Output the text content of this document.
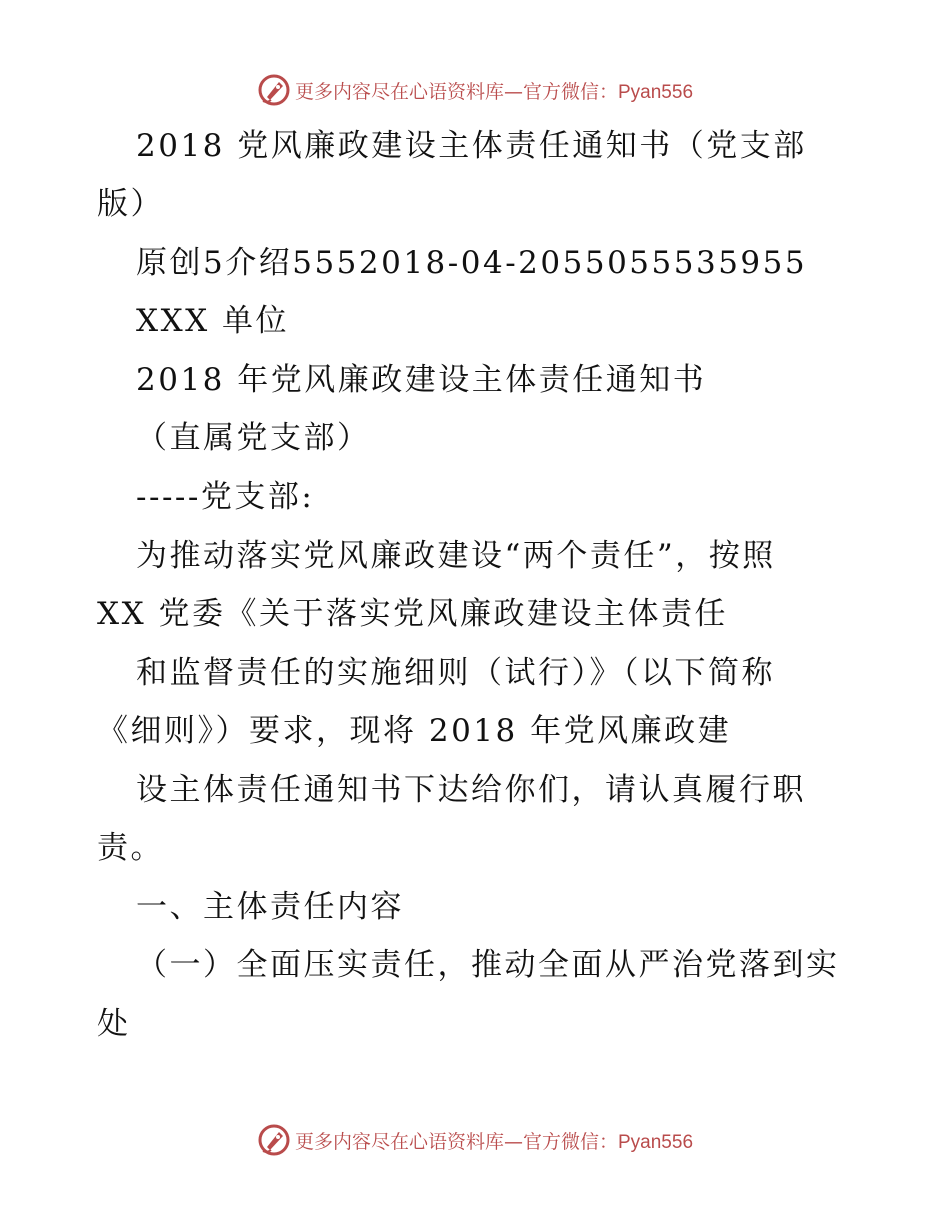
更多内容尽在心语资料库—官方微信：Pyan556
2018 党风廉政建设主体责任通知书（党支部
版）
原创5介绍5552018-04-2055055535955
XXX 单位
2018 年党风廉政建设主体责任通知书
（直属党支部）
-----党支部:
为推动落实党风廉政建设“两个责任”，按照
XX 党委《关于落实党风廉政建设主体责任
和监督责任的实施细则（试行）》（以下简称
《细则》）要求，现将 2018 年党风廉政建
设主体责任通知书下达给你们，请认真履行职
责。
一、主体责任内容
（一）全面压实责任，推动全面从严治党落到实
处
更多内容尽在心语资料库—官方微信：Pyan556
